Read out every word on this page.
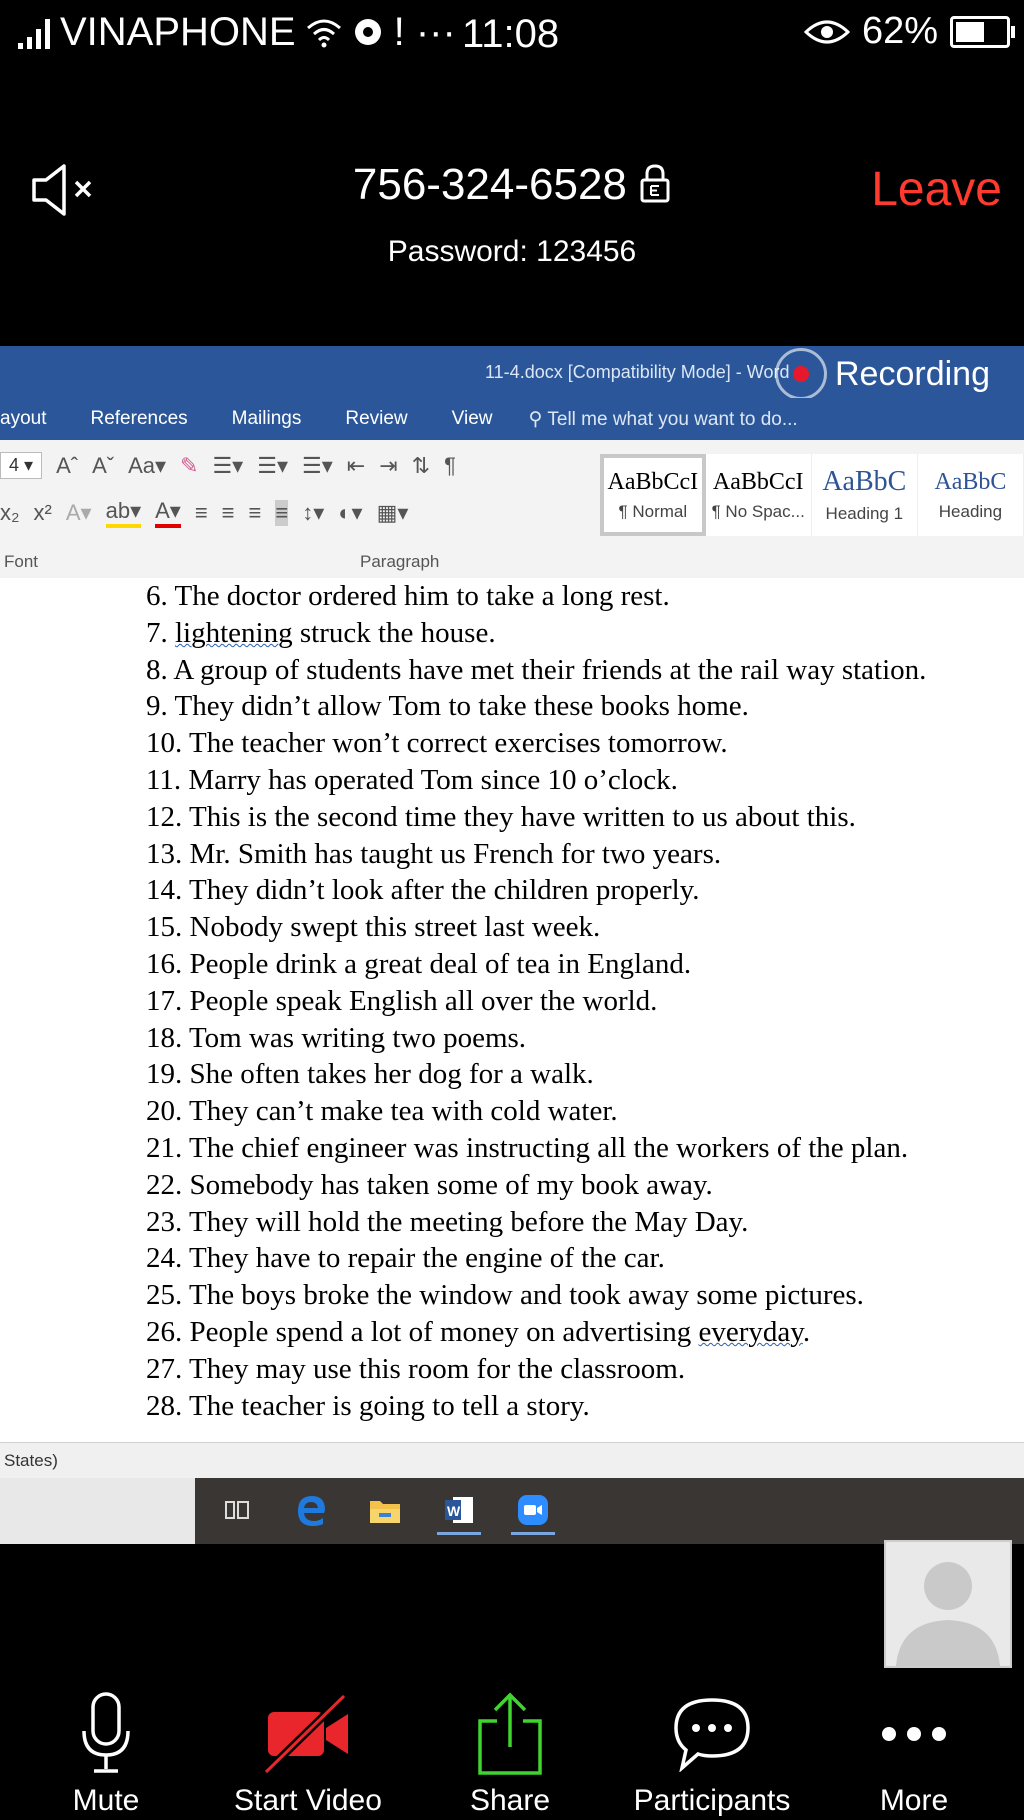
VINAPHONE ! ··· 11:08	62%
756-324-6528	Leave
Password: 123456
11-4.docx [Compatibility Mode] - Word Recording
ayout	References	Mailings	Review	View	⚲ Tell me what you want to do...
4 ▾	Aˆ Aˇ Aa▾ ✎ ☰▾ ☰▾ ☰▾ ⇤ ⇥ ⇅ ¶
x₂ x² A▾ ab▾ A▾ ≡ ≡ ≡ ≡ ↕▾ ◐▾ ▦▾
Font	Paragraph
AaBbCcI
¶ Normal
AaBbCcI
¶ No Spac...
AaBbC
Heading 1
AaBbC
Heading
6. The doctor ordered him to take a long rest.
7. lightening struck the house.
8. A group of students have met their friends at the rail way station.
9. They didn’t allow Tom to take these books home.
10. The teacher won’t correct exercises tomorrow.
11. Marry has operated Tom since 10 o’clock.
12. This is the second time they have written to us about this.
13. Mr. Smith has taught us French for two years.
14. They didn’t look after the children properly.
15. Nobody swept this street last week.
16. People drink a great deal of tea in England.
17. People speak English all over the world.
18. Tom was writing two poems.
19. She often takes her dog for a walk.
20. They can’t make tea with cold water.
21. The chief engineer was instructing all the workers of the plan.
22. Somebody has taken some of my book away.
23. They will hold the meeting before the May Day.
24. They have to repair the engine of the car.
25. The boys broke the window and took away some pictures.
26. People spend a lot of money on advertising everyday.
27. They may use this room for the classroom.
28. The teacher is going to tell a story.
States)
W
Mute	Start Video	Share	Participants	More
